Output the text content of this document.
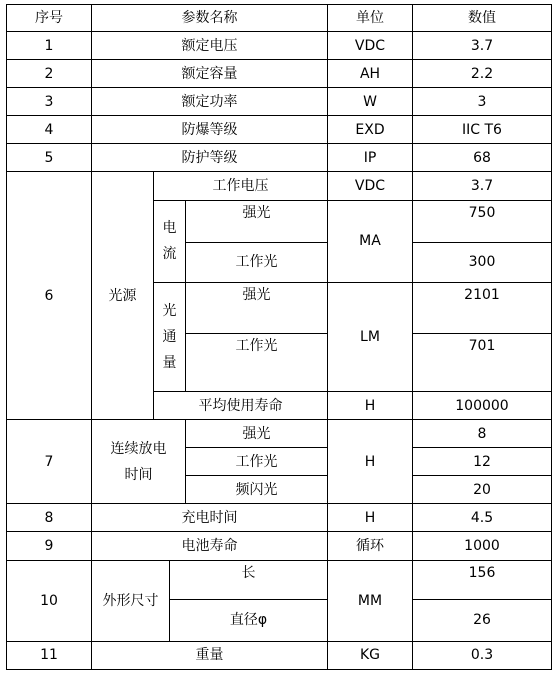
序号	参数名称				单位	数值
1	额定电压				VDC	3.7
2	额定容量				AH	2.2
3	额定功率				W	3
4	防爆等级				EXD	IIC T6
5	防护等级				IP	68
6	光源	工作电压			VDC	3.7
		电流		强光	MA	750
				工作光		300
		光通量		强光	LM	2101
				工作光		701
		平均使用寿命			H	100000
7	连续放电时间			强光	H	8
				工作光		12
				频闪光		20
8	充电时间				H	4.5
9	电池寿命				循环	1000
10	外形尺寸		长		MM	156
			直径φ			26
11	重量				KG	0.3
